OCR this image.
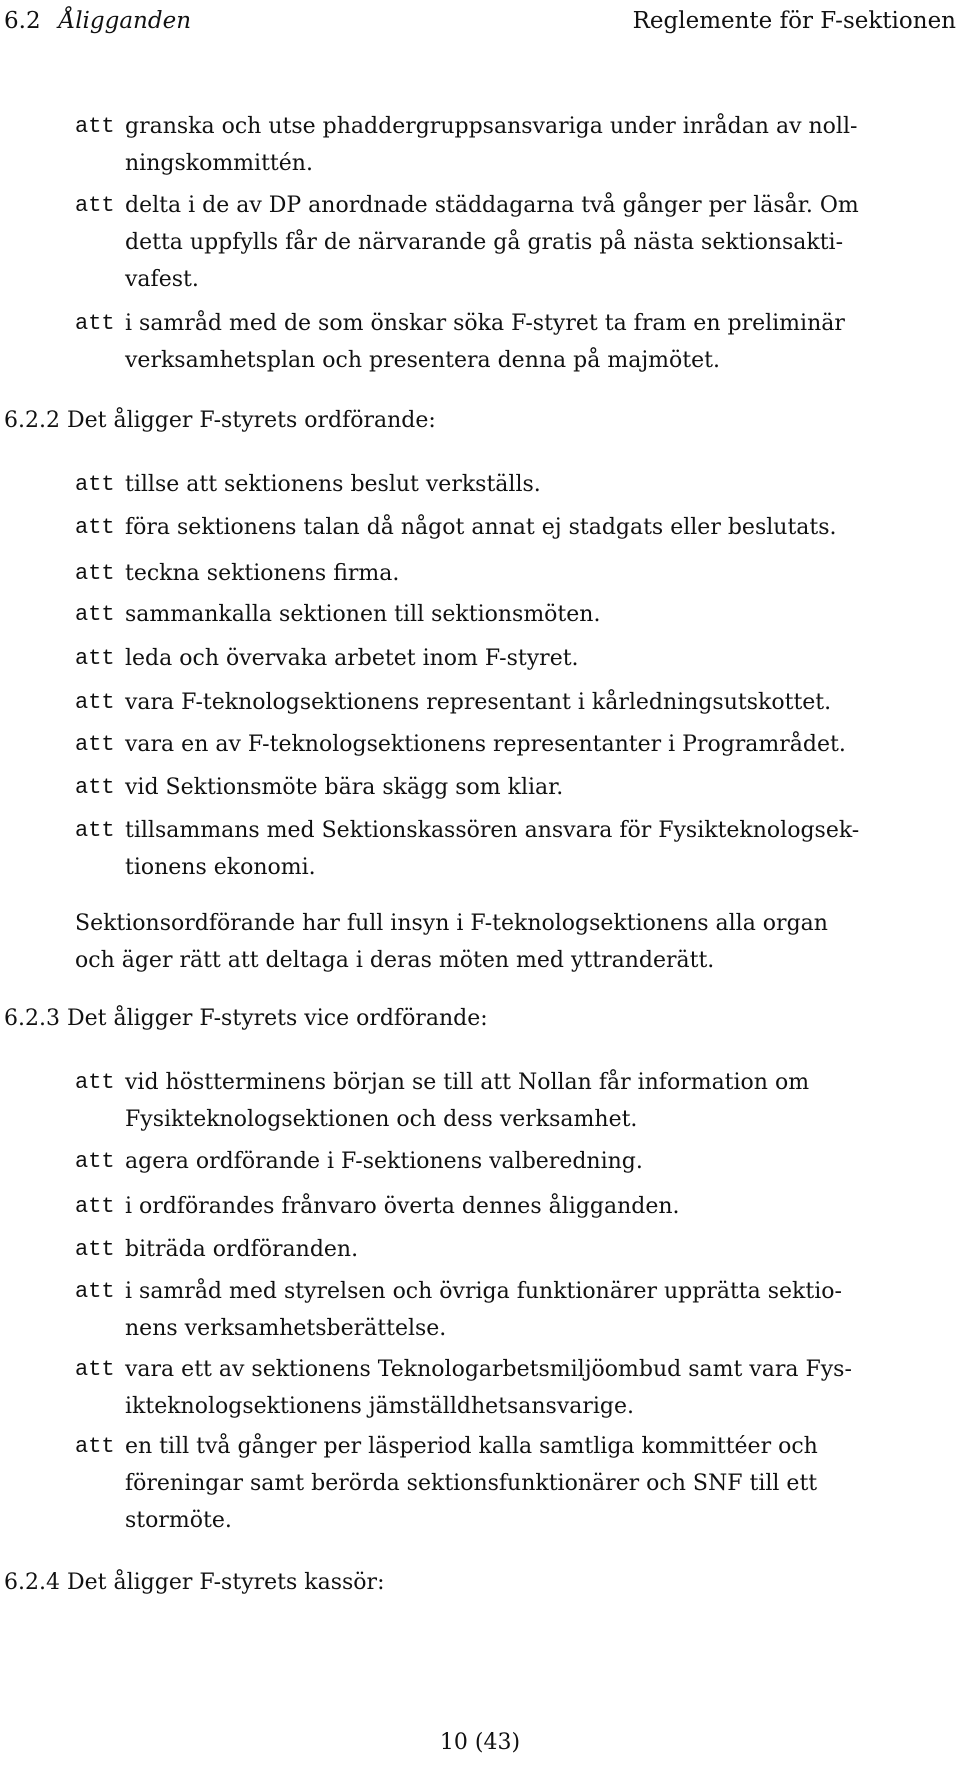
6.2 Åligganden	Reglemente för F-sektionen
att granska och utse phaddergruppsansvariga under inrådan av noll-
ningskommittén.
att delta i de av DP anordnade städdagarna två gånger per läsår. Om
detta uppfylls får de närvarande gå gratis på nästa sektionsakti-
vafest.
att i samråd med de som önskar söka F-styret ta fram en preliminär
verksamhetsplan och presentera denna på majmötet.
6.2.2 Det åligger F-styrets ordförande:
att tillse att sektionens beslut verkställs.
att föra sektionens talan då något annat ej stadgats eller beslutats.
att teckna sektionens firma.
att sammankalla sektionen till sektionsmöten.
att leda och övervaka arbetet inom F-styret.
att vara F-teknologsektionens representant i kårledningsutskottet.
att vara en av F-teknologsektionens representanter i Programrådet.
att vid Sektionsmöte bära skägg som kliar.
att tillsammans med Sektionskassören ansvara för Fysikteknologsek-
tionens ekonomi.
Sektionsordförande har full insyn i F-teknologsektionens alla organ
och äger rätt att deltaga i deras möten med yttranderätt.
6.2.3 Det åligger F-styrets vice ordförande:
att vid höstterminens början se till att Nollan får information om
Fysikteknologsektionen och dess verksamhet.
att agera ordförande i F-sektionens valberedning.
att i ordförandes frånvaro överta dennes åligganden.
att biträda ordföranden.
att i samråd med styrelsen och övriga funktionärer upprätta sektio-
nens verksamhetsberättelse.
att vara ett av sektionens Teknologarbetsmiljöombud samt vara Fys-
ikteknologsektionens jämställdhetsansvarige.
att en till två gånger per läsperiod kalla samtliga kommittéer och
föreningar samt berörda sektionsfunktionärer och SNF till ett
stormöte.
6.2.4 Det åligger F-styrets kassör:
10 (43)
